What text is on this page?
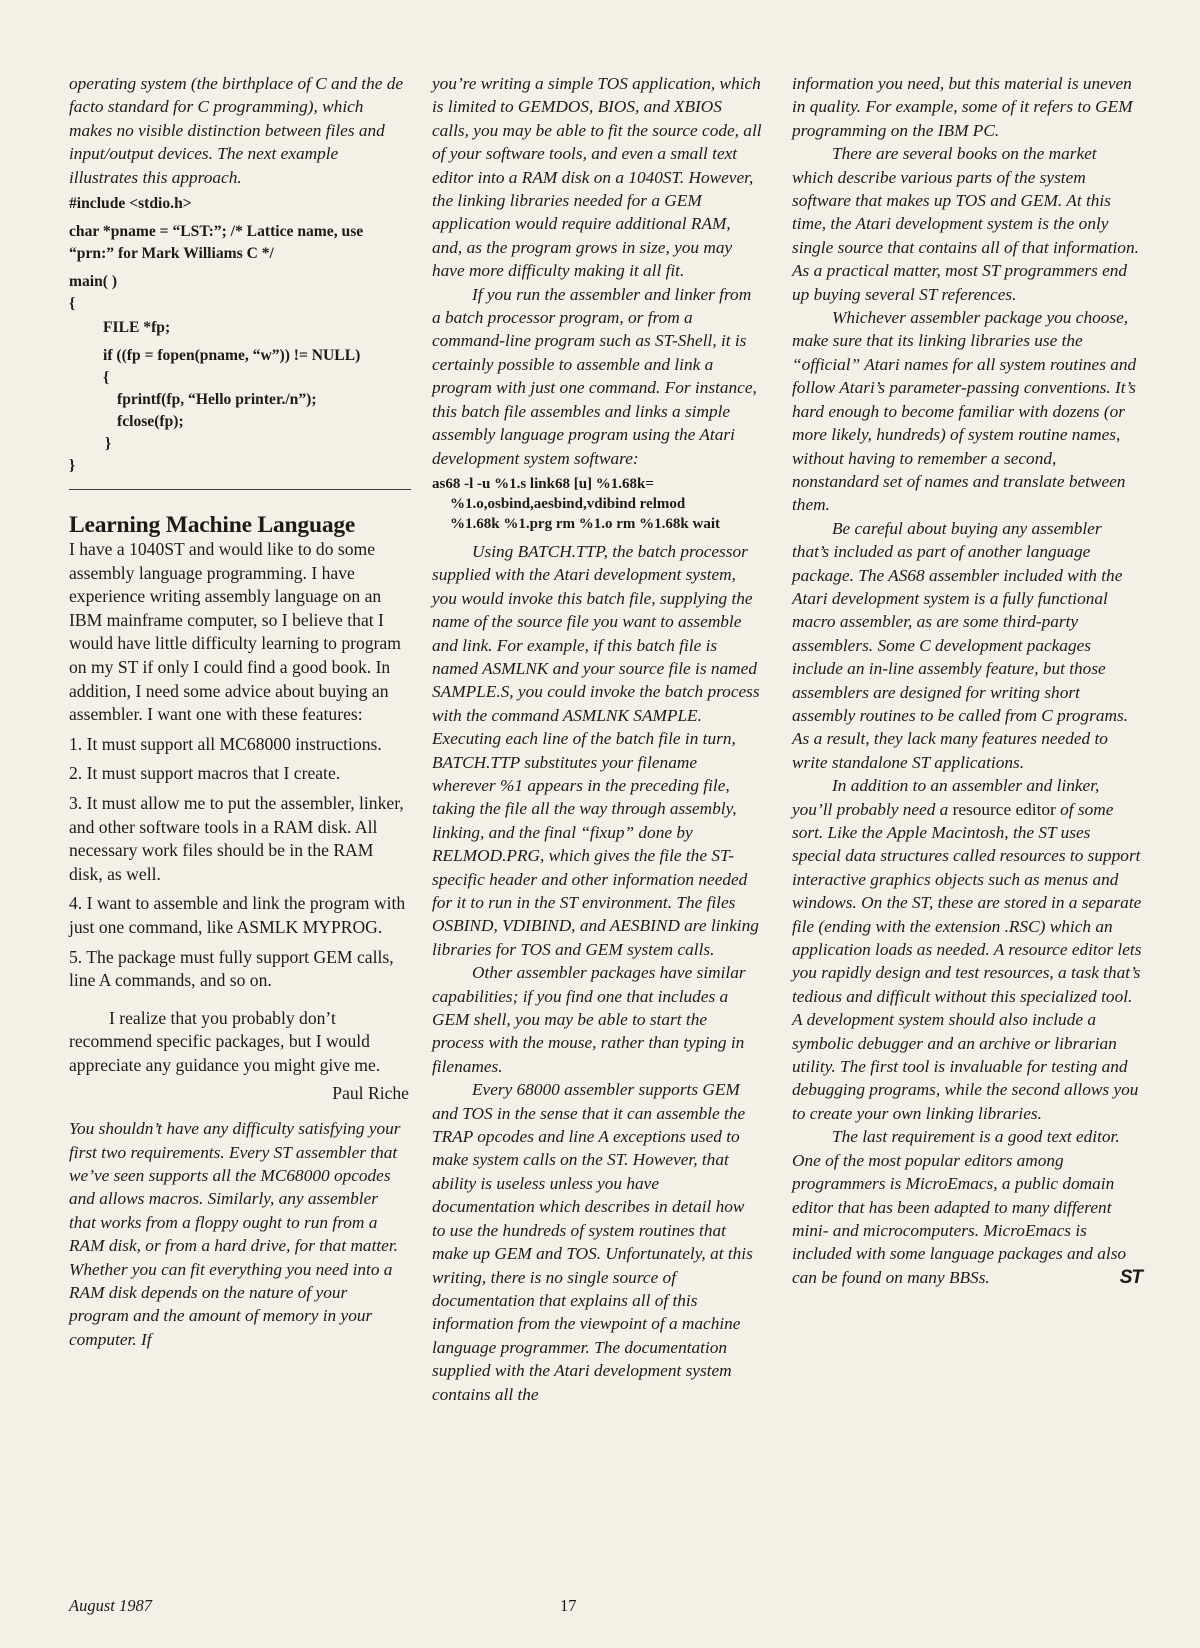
operating system (the birthplace of C and the de facto standard for C programming), which makes no visible distinction between files and input/output devices. The next example illustrates this approach.

#include <stdio.h>

char *pname = “LST:”; /* Lattice name, use “prn:” for Mark Williams C */

main( )

{

FILE *fp;

if ((fp = fopen(pname, “w”)) != NULL)

{

fprintf(fp, “Hello printer./n”);

fclose(fp);

}

}

Learning Machine Language

I have a 1040ST and would like to do some assembly language programming. I have experience writing assembly language on an IBM mainframe computer, so I believe that I would have little difficulty learning to program on my ST if only I could find a good book. In addition, I need some advice about buying an assembler. I want one with these features:

1. It must support all MC68000 instructions.

2. It must support macros that I create.

3. It must allow me to put the assembler, linker, and other software tools in a RAM disk. All necessary work files should be in the RAM disk, as well.

4. I want to assemble and link the program with just one command, like ASMLK MYPROG.

5. The package must fully support GEM calls, line A commands, and so on.

I realize that you probably don’t recommend specific packages, but I would appreciate any guidance you might give me.

Paul Riche

You shouldn’t have any difficulty satisfying your first two requirements. Every ST assembler that we’ve seen supports all the MC68000 opcodes and allows macros. Similarly, any assembler that works from a floppy ought to run from a RAM disk, or from a hard drive, for that matter. Whether you can fit everything you need into a RAM disk depends on the nature of your program and the amount of memory in your computer. If

you’re writing a simple TOS application, which is limited to GEMDOS, BIOS, and XBIOS calls, you may be able to fit the source code, all of your software tools, and even a small text editor into a RAM disk on a 1040ST. However, the linking libraries needed for a GEM application would require additional RAM, and, as the program grows in size, you may have more difficulty making it all fit.

If you run the assembler and linker from a batch processor program, or from a command-line program such as ST-Shell, it is certainly possible to assemble and link a program with just one command. For instance, this batch file assembles and links a simple assembly language program using the Atari development system software:

as68 -l -u %1.s link68 [u] %1.68k=

%1.o,osbind,aesbind,vdibind relmod

%1.68k %1.prg rm %1.o rm %1.68k wait

Using BATCH.TTP, the batch processor supplied with the Atari development system, you would invoke this batch file, supplying the name of the source file you want to assemble and link. For example, if this batch file is named ASMLNK and your source file is named SAMPLE.S, you could invoke the batch process with the command ASMLNK SAMPLE. Executing each line of the batch file in turn, BATCH.TTP substitutes your filename wherever %1 appears in the preceding file, taking the file all the way through assembly, linking, and the final “fixup” done by RELMOD.PRG, which gives the file the ST-specific header and other information needed for it to run in the ST environment. The files OSBIND, VDIBIND, and AESBIND are linking libraries for TOS and GEM system calls.

Other assembler packages have similar capabilities; if you find one that includes a GEM shell, you may be able to start the process with the mouse, rather than typing in filenames.

Every 68000 assembler supports GEM and TOS in the sense that it can assemble the TRAP opcodes and line A exceptions used to make system calls on the ST. However, that ability is useless unless you have documentation which describes in detail how to use the hundreds of system routines that make up GEM and TOS. Unfortunately, at this writing, there is no single source of documentation that explains all of this information from the viewpoint of a machine language programmer. The documentation supplied with the Atari development system contains all the

information you need, but this material is uneven in quality. For example, some of it refers to GEM programming on the IBM PC.

There are several books on the market which describe various parts of the system software that makes up TOS and GEM. At this time, the Atari development system is the only single source that contains all of that information. As a practical matter, most ST programmers end up buying several ST references.

Whichever assembler package you choose, make sure that its linking libraries use the “official” Atari names for all system routines and follow Atari’s parameter-passing conventions. It’s hard enough to become familiar with dozens (or more likely, hundreds) of system routine names, without having to remember a second, nonstandard set of names and translate between them.

Be careful about buying any assembler that’s included as part of another language package. The AS68 assembler included with the Atari development system is a fully functional macro assembler, as are some third-party assemblers. Some C development packages include an in-line assembly feature, but those assemblers are designed for writing short assembly routines to be called from C programs. As a result, they lack many features needed to write standalone ST applications.

In addition to an assembler and linker, you’ll probably need a resource editor of some sort. Like the Apple Macintosh, the ST uses special data structures called resources to support interactive graphics objects such as menus and windows. On the ST, these are stored in a separate file (ending with the extension .RSC) which an application loads as needed. A resource editor lets you rapidly design and test resources, a task that’s tedious and difficult without this specialized tool. A development system should also include a symbolic debugger and an archive or librarian utility. The first tool is invaluable for testing and debugging programs, while the second allows you to create your own linking libraries.

The last requirement is a good text editor. One of the most popular editors among programmers is MicroEmacs, a public domain editor that has been adapted to many different mini- and microcomputers. MicroEmacs is included with some language packages and also can be found on many BBSs.	ST

August 1987	17
